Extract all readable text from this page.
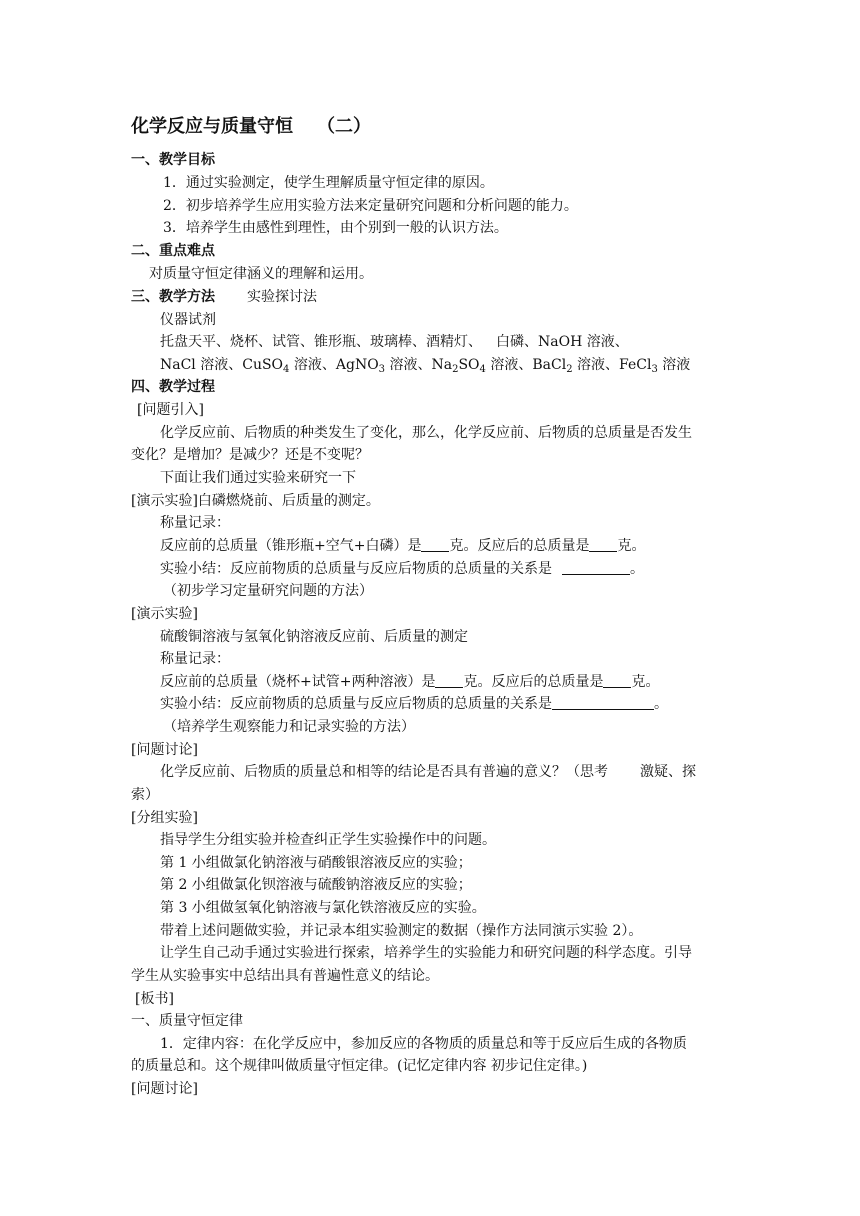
化学反应与质量守恒 （二）
一、教学目标
1．通过实验测定，使学生理解质量守恒定律的原因。
2．初步培养学生应用实验方法来定量研究问题和分析问题的能力。
3．培养学生由感性到理性，由个别到一般的认识方法。
二、重点难点
对质量守恒定律涵义的理解和运用。
三、教学方法 实验探讨法
仪器试剂
托盘天平、烧杯、试管、锥形瓶、玻璃棒、酒精灯、 白磷、NaOH 溶液、
NaCl 溶液、CuSO$_4$ 溶液、AgNO$_3$ 溶液、$Na_2SO_4$ 溶液、BaCl$_2$ 溶液、FeCl$_3$ 溶液
四、教学过程
[问题引入]
化学反应前、后物质的种类发生了变化，那么，化学反应前、后物质的总质量是否发生
变化？是增加？是减少？还是不变呢？
下面让我们通过实验来研究一下
[演示实验]白磷燃烧前、后质量的测定。
称量记录：
反应前的总质量（锥形瓶+空气+白磷）是 克。反应后的总质量是 克。
实验小结：反应前物质的总质量与反应后物质的总质量的关系是	。
（初步学习定量研究问题的方法）
[演示实验]
硫酸铜溶液与氢氧化钠溶液反应前、后质量的测定
称量记录：
反应前的总质量（烧杯+试管+两种溶液）是 克。反应后的总质量是 克。
实验小结：反应前物质的总质量与反应后物质的总质量的关系是	。
（培养学生观察能力和记录实验的方法）
[问题讨论]
化学反应前、后物质的质量总和相等的结论是否具有普遍的意义？（思考 激疑、探
索）
[分组实验]
指导学生分组实验并检查纠正学生实验操作中的问题。
第 1 小组做氯化钠溶液与硝酸银溶液反应的实验；
第 2 小组做氯化钡溶液与硫酸钠溶液反应的实验；
第 3 小组做氢氧化钠溶液与氯化铁溶液反应的实验。
带着上述问题做实验，并记录本组实验测定的数据（操作方法同演示实验 2）。
让学生自己动手通过实验进行探索，培养学生的实验能力和研究问题的科学态度。引导
学生从实验事实中总结出具有普遍性意义的结论。
[板书]
一、质量守恒定律
1．定律内容：在化学反应中，参加反应的各物质的质量总和等于反应后生成的各物质
的质量总和。这个规律叫做质量守恒定律。(记忆定律内容 初步记住定律。)
[问题讨论]
